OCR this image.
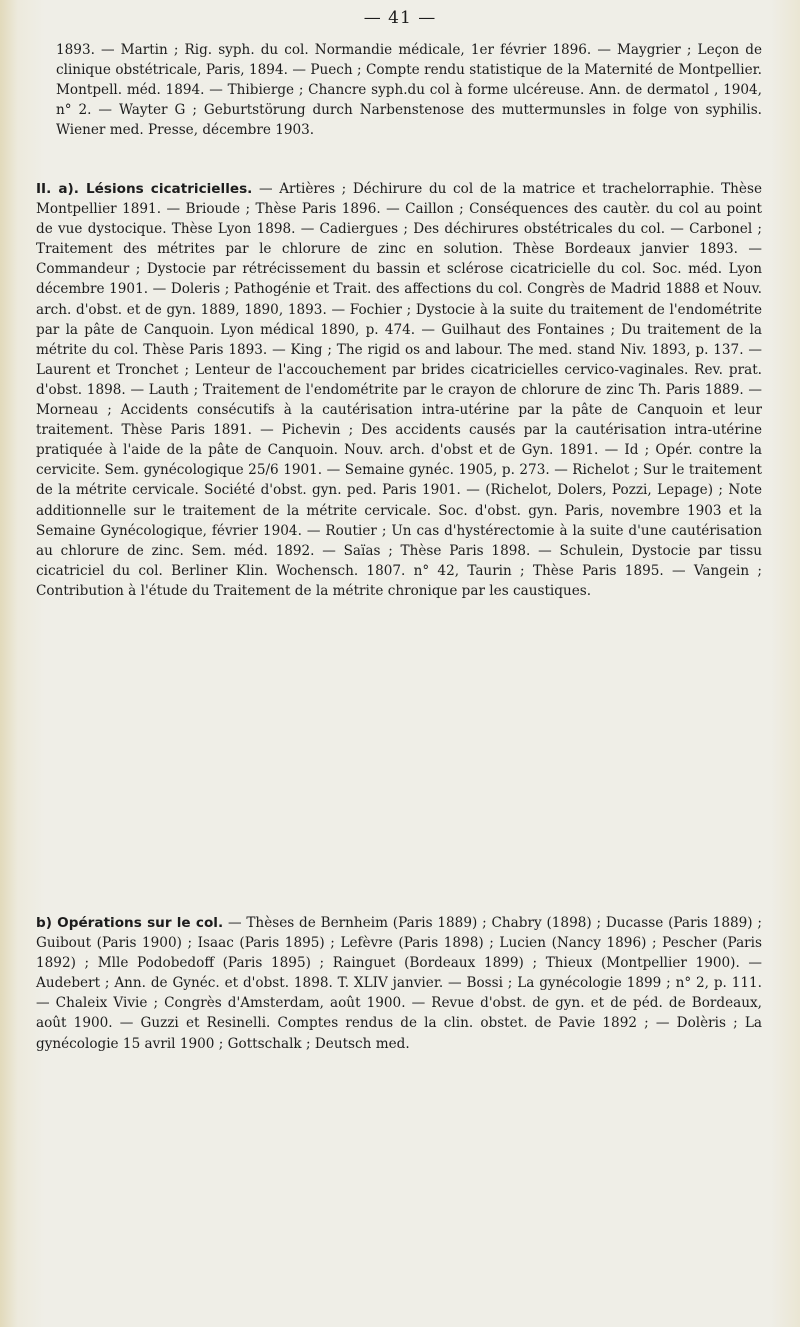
— 41 —

1893. — Martin ; Rig. syph. du col. Normandie médicale, 1er février 1896. — Maygrier ; Leçon de clinique obstétricale, Paris, 1894. — Puech ; Compte rendu statistique de la Maternité de Montpellier. Montpell. méd. 1894. — Thibierge ; Chancre syph.du col à forme ulcéreuse. Ann. de dermatol , 1904, n° 2. — Wayter G ; Geburtstörung durch Narbenstenose des muttermunsles in folge von syphilis. Wiener med. Presse, décembre 1903.

II. a). Lésions cicatricielles. — Artières ; Déchirure du col de la matrice et trachelorraphie. Thèse Montpellier 1891. — Brioude ; Thèse Paris 1896. — Caillon ; Conséquences des cautèr. du col au point de vue dystocique. Thèse Lyon 1898. — Cadiergues ; Des déchirures obstétricales du col. — Carbonel ; Traitement des métrites par le chlorure de zinc en solution. Thèse Bordeaux janvier 1893. — Commandeur ; Dystocie par rétrécissement du bassin et sclérose cicatricielle du col. Soc. méd. Lyon décembre 1901. — Doleris ; Pathogénie et Trait. des affections du col. Congrès de Madrid 1888 et Nouv. arch. d'obst. et de gyn. 1889, 1890, 1893. — Fochier ; Dystocie à la suite du traitement de l'endométrite par la pâte de Canquoin. Lyon médical 1890, p. 474. — Guilhaut des Fontaines ; Du traitement de la métrite du col. Thèse Paris 1893. — King ; The rigid os and labour. The med. stand Niv. 1893, p. 137. — Laurent et Tronchet ; Lenteur de l'accouchement par brides cicatricielles cervico-vaginales. Rev. prat. d'obst. 1898. — Lauth ; Traitement de l'endométrite par le crayon de chlorure de zinc Th. Paris 1889. — Morneau ; Accidents consécutifs à la cautérisation intra-utérine par la pâte de Canquoin et leur traitement. Thèse Paris 1891. — Pichevin ; Des accidents causés par la cautérisation intra-utérine pratiquée à l'aide de la pâte de Canquoin. Nouv. arch. d'obst et de Gyn. 1891. — Id ; Opér. contre la cervicite. Sem. gynécologique 25/6 1901. — Semaine gynéc. 1905, p. 273. — Richelot ; Sur le traitement de la métrite cervicale. Société d'obst. gyn. ped. Paris 1901. — (Richelot, Dolers, Pozzi, Lepage) ; Note additionnelle sur le traitement de la métrite cervicale. Soc. d'obst. gyn. Paris, novembre 1903 et la Semaine Gynécologique, février 1904. — Routier ; Un cas d'hystérectomie à la suite d'une cautérisation au chlorure de zinc. Sem. méd. 1892. — Saïas ; Thèse Paris 1898. — Schulein, Dystocie par tissu cicatriciel du col. Berliner Klin. Wochensch. 1807. n° 42, Taurin ; Thèse Paris 1895. — Vangein ; Contribution à l'étude du Traitement de la métrite chronique par les caustiques.

b) Opérations sur le col. — Thèses de Bernheim (Paris 1889) ; Chabry (1898) ; Ducasse (Paris 1889) ; Guibout (Paris 1900) ; Isaac (Paris 1895) ; Lefèvre (Paris 1898) ; Lucien (Nancy 1896) ; Pescher (Paris 1892) ; Mlle Podobedoff (Paris 1895) ; Rainguet (Bordeaux 1899) ; Thieux (Montpellier 1900). — Audebert ; Ann. de Gynéc. et d'obst. 1898. T. XLIV janvier. — Bossi ; La gynécologie 1899 ; n° 2, p. 111. — Chaleix Vivie ; Congrès d'Amsterdam, août 1900. — Revue d'obst. de gyn. et de péd. de Bordeaux, août 1900. — Guzzi et Resinelli. Comptes rendus de la clin. obstet. de Pavie 1892 ; — Dolèris ; La gynécologie 15 avril 1900 ; Gottschalk ; Deutsch med.
